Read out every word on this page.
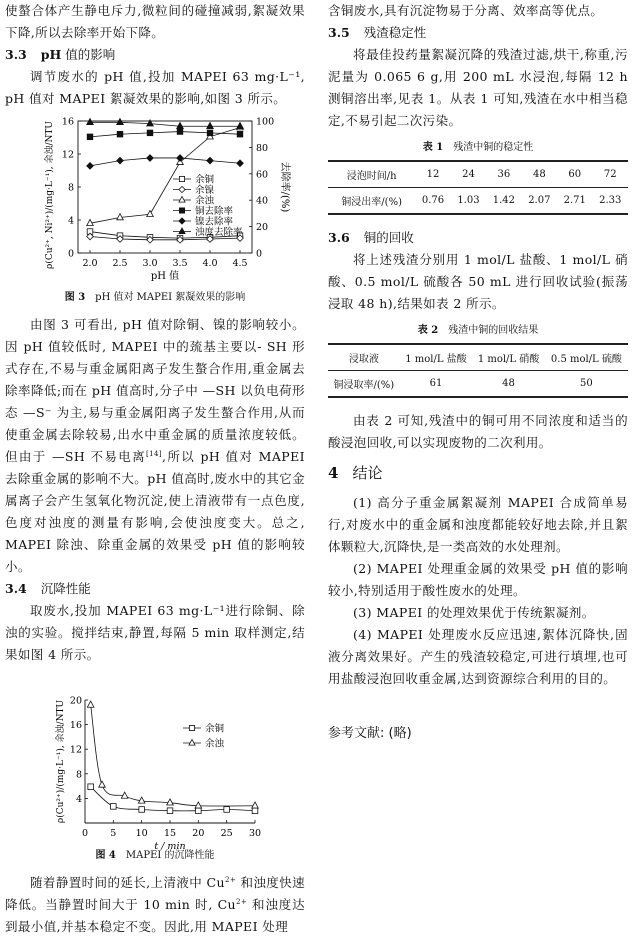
使螯合体产生静电斥力,微粒间的碰撞减弱,絮凝效果下降,所以去除率开始下降。

3.3 pH 值的影响

调节废水的 pH 值,投加 MAPEI 63 mg·L⁻¹, pH 值对 MAPEI 絮凝效果的影响,如图 3 所示。

2.0 2.5 3.0 3.5 4.0 4.5
0
4
8
12
16
0
20
40
60
80
100
pH 值
ρ(Cu²⁺, Ni²⁺)/(mg·L⁻¹), 余浊/NTU	去除率/(%)
余铜
余镍
余浊
铜去除率
镍去除率
浊度去除率
图 3 pH 值对 MAPEI 絮凝效果的影响

由图 3 可看出, pH 值对除铜、镍的影响较小。因 pH 值较低时, MAPEI 中的巯基主要以- SH 形式存在,不易与重金属阳离子发生螯合作用,重金属去除率降低;而在 pH 值高时,分子中 —SH 以负电荷形态 —S⁻ 为主,易与重金属阳离子发生螯合作用,从而使重金属去除较易,出水中重金属的质量浓度较低。但由于 —SH 不易电离[14],所以 pH 值对 MAPEI 去除重金属的影响不大。pH 值高时,废水中的其它金属离子会产生氢氧化物沉淀,使上清液带有一点色度,色度对浊度的测量有影响,会使浊度变大。总之, MAPEI 除浊、除重金属的效果受 pH 值的影响较小。

3.4 沉降性能

取废水,投加 MAPEI 63 mg·L⁻¹进行除铜、除浊的实验。搅拌结束,静置,每隔 5 min 取样测定,结果如图 4 所示。

0 5 10 15 20 25 30
4
8
12
16
20
t / min
ρ(Cu²⁺)/(mg·L⁻¹), 余浊/NTU	余铜
余浊
图 4 MAPEI 的沉降性能

随着静置时间的延长,上清液中 $Cu^{2+}$ 和浊度快速降低。当静置时间大于 10 min 时, $Cu^{2+}$ 和浊度达到最小值,并基本稳定不变。因此,用 MAPEI 处理

含铜废水,具有沉淀物易于分离、效率高等优点。

3.5 残渣稳定性

将最佳投药量絮凝沉降的残渣过滤,烘干,称重,污泥量为 0.065 6 g,用 200 mL 水浸泡,每隔 12 h 测铜溶出率,见表 1。从表 1 可知,残渣在水中相当稳定,不易引起二次污染。

表 1 残渣中铜的稳定性
浸泡时间/h	12	24	36	48	60	72
铜浸出率/(%)	0.76	1.03	1.42	2.07	2.71	2.33
3.6 铜的回收

将上述残渣分别用 1 mol/L 盐酸、1 mol/L 硝酸、0.5 mol/L 硫酸各 50 mL 进行回收试验(振荡浸取 48 h),结果如表 2 所示。

表 2 残渣中铜的回收结果
浸取液	1 mol/L 盐酸	1 mol/L 硝酸	0.5 mol/L 硫酸
铜浸取率/(%)	61	48	50

由表 2 可知,残渣中的铜可用不同浓度和适当的酸浸泡回收,可以实现废物的二次利用。

4 结论

(1) 高分子重金属絮凝剂 MAPEI 合成简单易行,对废水中的重金属和浊度都能较好地去除,并且絮体颗粒大,沉降快,是一类高效的水处理剂。

(2) MAPEI 处理重金属的效果受 pH 值的影响较小,特别适用于酸性废水的处理。

(3) MAPEI 的处理效果优于传统絮凝剂。

(4) MAPEI 处理废水反应迅速,絮体沉降快,固液分离效果好。产生的残渣较稳定,可进行填埋,也可用盐酸浸泡回收重金属,达到资源综合利用的目的。

参考文献: (略)
